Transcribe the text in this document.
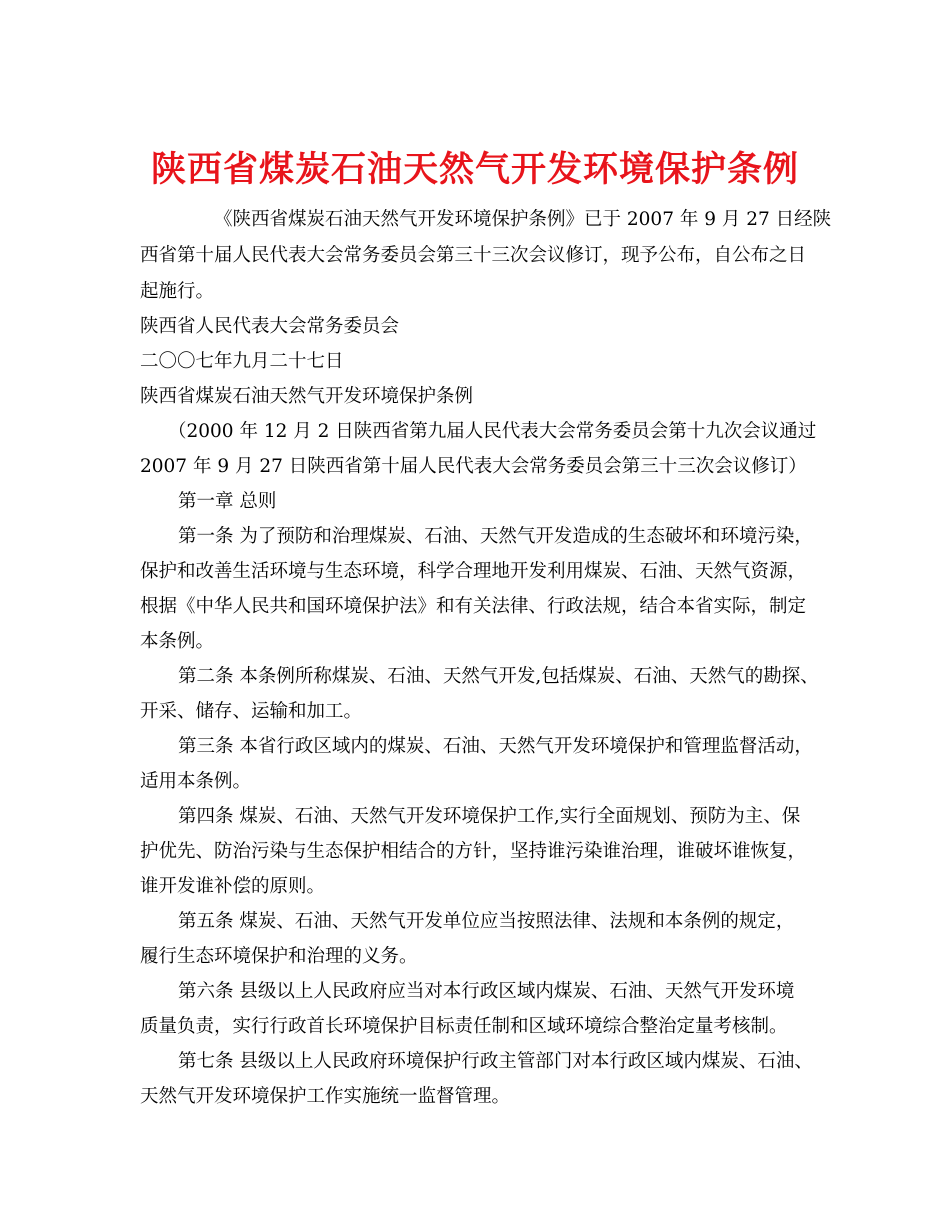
陕西省煤炭石油天然气开发环境保护条例
《陕西省煤炭石油天然气开发环境保护条例》已于 2007 年 9 月 27 日经陕
西省第十届人民代表大会常务委员会第三十三次会议修订，现予公布，自公布之日
起施行。
陕西省人民代表大会常务委员会
二〇〇七年九月二十七日
陕西省煤炭石油天然气开发环境保护条例
（2000 年 12 月 2 日陕西省第九届人民代表大会常务委员会第十九次会议通过
2007 年 9 月 27 日陕西省第十届人民代表大会常务委员会第三十三次会议修订）
第一章 总则
第一条 为了预防和治理煤炭、石油、天然气开发造成的生态破坏和环境污染，
保护和改善生活环境与生态环境，科学合理地开发利用煤炭、石油、天然气资源，
根据《中华人民共和国环境保护法》和有关法律、行政法规，结合本省实际，制定
本条例。
第二条 本条例所称煤炭、石油、天然气开发,包括煤炭、石油、天然气的勘探、
开采、储存、运输和加工。
第三条 本省行政区域内的煤炭、石油、天然气开发环境保护和管理监督活动，
适用本条例。
第四条 煤炭、石油、天然气开发环境保护工作,实行全面规划、预防为主、保
护优先、防治污染与生态保护相结合的方针，坚持谁污染谁治理，谁破坏谁恢复，
谁开发谁补偿的原则。
第五条 煤炭、石油、天然气开发单位应当按照法律、法规和本条例的规定，
履行生态环境保护和治理的义务。
第六条 县级以上人民政府应当对本行政区域内煤炭、石油、天然气开发环境
质量负责，实行行政首长环境保护目标责任制和区域环境综合整治定量考核制。
第七条 县级以上人民政府环境保护行政主管部门对本行政区域内煤炭、石油、
天然气开发环境保护工作实施统一监督管理。
